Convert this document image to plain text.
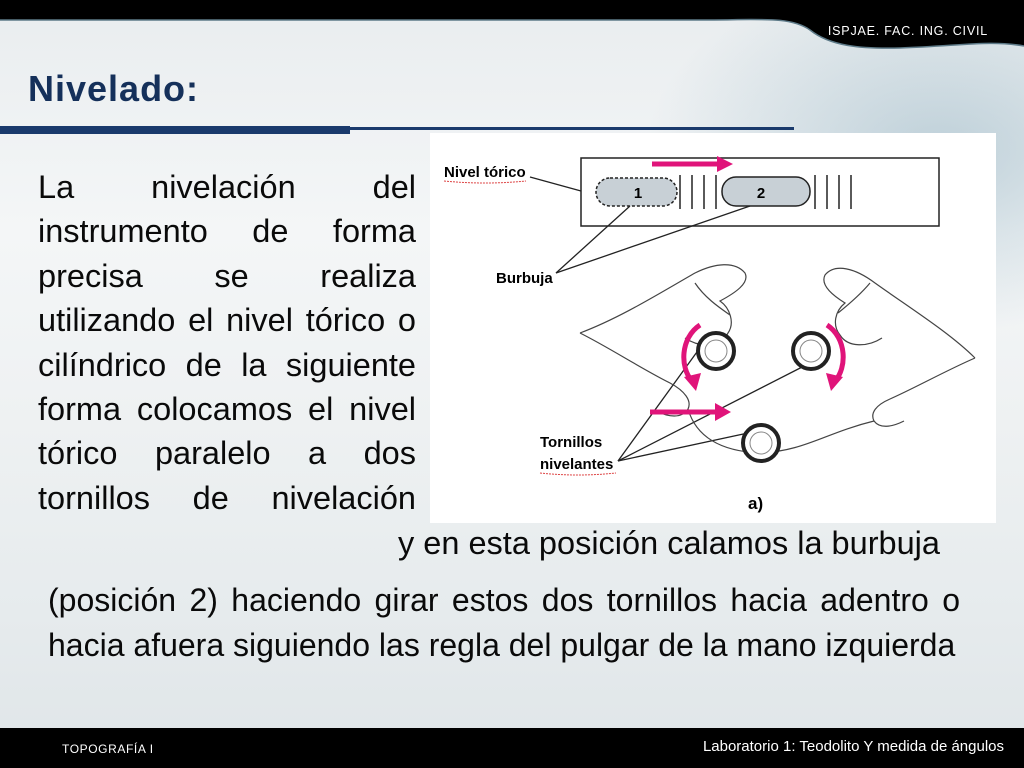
ISPJAE. FAC. ING. CIVIL
Nivelado:

La nivelación del instrumento de forma precisa se realiza utilizando el nivel tórico o cilíndrico de la siguiente forma colocamos el nivel tórico paralelo a dos tornillos de nivelación

1	2
Nivel tórico
Burbuja
Tornillos
nivelantes
a)

y en esta posición calamos la burbuja

(posición 2) haciendo girar estos dos tornillos hacia adentro o hacia afuera siguiendo las regla del pulgar de la mano izquierda

TOPOGRAFÍA I	Laboratorio 1: Teodolito Y medida de ángulos
